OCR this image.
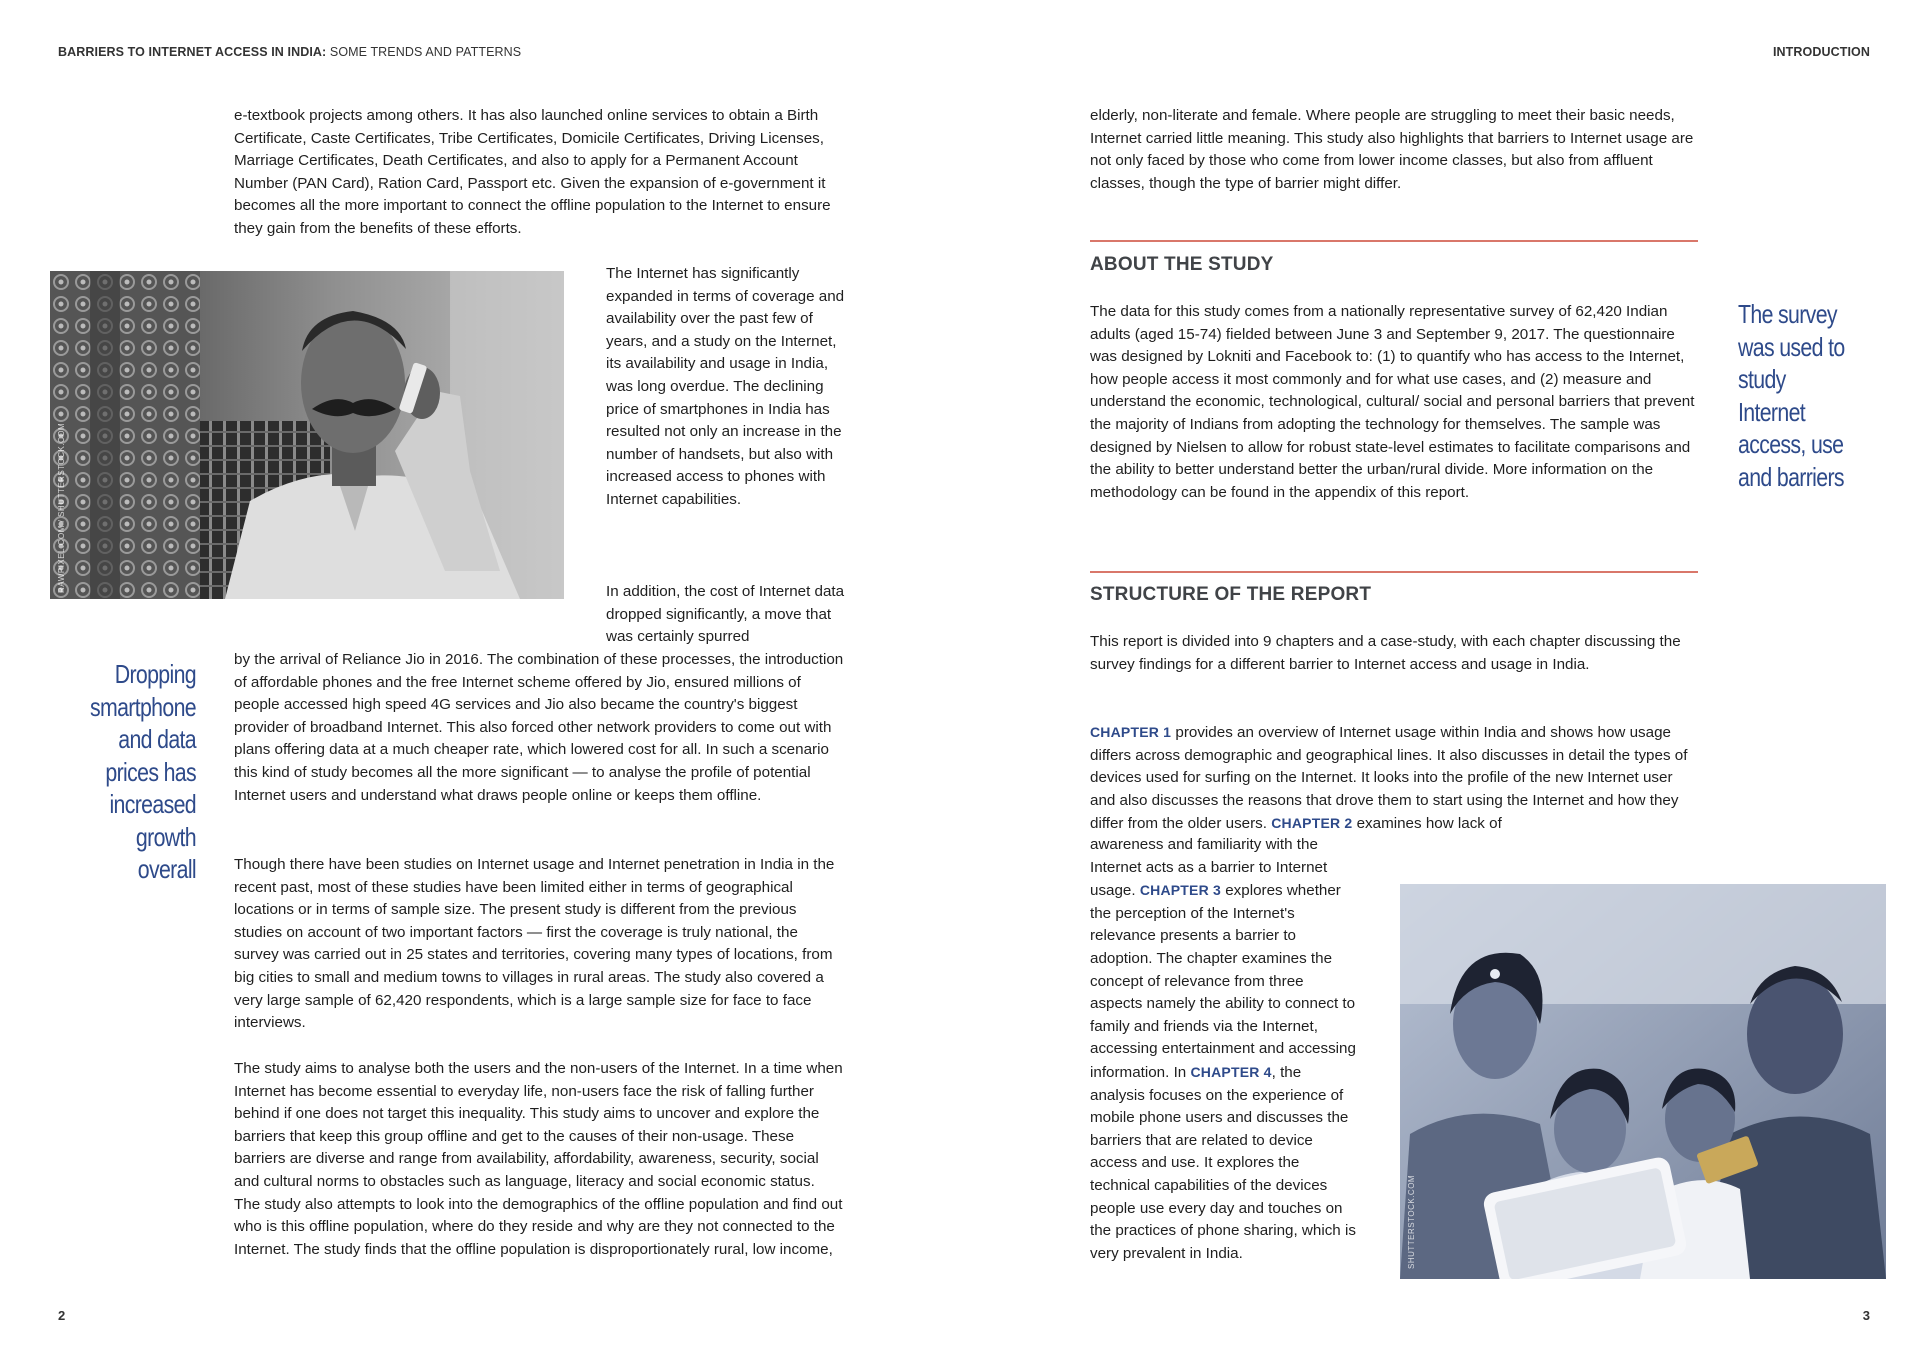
BARRIERS TO INTERNET ACCESS IN INDIA: SOME TRENDS AND PATTERNS	INTRODUCTION

e-textbook projects among others. It has also launched online services to obtain a Birth Certificate, Caste Certificates, Tribe Certificates, Domicile Certificates, Driving Licenses, Marriage Certificates, Death Certificates, and also to apply for a Permanent Account Number (PAN Card), Ration Card, Passport etc. Given the expansion of e-government it becomes all the more important to connect the offline population to the Internet to ensure they gain from the benefits of these efforts.

RAWPIXEL.COM / SHUTTERSTOCK.COM

The Internet has significantly expanded in terms of coverage and availability over the past few of years, and a study on the Internet, its availability and usage in India, was long overdue. The declining price of smartphones in India has resulted not only an increase in the number of handsets, but also with increased access to phones with Internet capabilities.

In addition, the cost of Internet data dropped significantly, a move that was certainly spurred

by the arrival of Reliance Jio in 2016. The combination of these processes, the introduction of affordable phones and the free Internet scheme offered by Jio, ensured millions of people accessed high speed 4G services and Jio also became the country's biggest provider of broadband Internet. This also forced other network providers to come out with plans offering data at a much cheaper rate, which lowered cost for all. In such a scenario this kind of study becomes all the more significant — to analyse the profile of potential Internet users and understand what draws people online or keeps them offline.

Dropping smartphone and data prices has increased growth overall	Though there have been studies on Internet usage and Internet penetration in India in the recent past, most of these studies have been limited either in terms of geographical locations or in terms of sample size. The present study is different from the previous studies on account of two important factors — first the coverage is truly national, the survey was carried out in 25 states and territories, covering many types of locations, from big cities to small and medium towns to villages in rural areas. The study also covered a very large sample of 62,420 respondents, which is a large sample size for face to face interviews.

The study aims to analyse both the users and the non-users of the Internet. In a time when Internet has become essential to everyday life, non-users face the risk of falling further behind if one does not target this inequality. This study aims to uncover and explore the barriers that keep this group offline and get to the causes of their non-usage. These barriers are diverse and range from availability, affordability, awareness, security, social and cultural norms to obstacles such as language, literacy and social economic status. The study also attempts to look into the demographics of the offline population and find out who is this offline population, where do they reside and why are they not connected to the Internet. The study finds that the offline population is disproportionately rural, low income,

2

elderly, non-literate and female. Where people are struggling to meet their basic needs, Internet carried little meaning. This study also highlights that barriers to Internet usage are not only faced by those who come from lower income classes, but also from affluent classes, though the type of barrier might differ.

ABOUT THE STUDY

The data for this study comes from a nationally representative survey of 62,420 Indian adults (aged 15-74) fielded between June 3 and September 9, 2017. The questionnaire was designed by Lokniti and Facebook to: (1) to quantify who has access to the Internet, how people access it most commonly and for what use cases, and (2) measure and understand the economic, technological, cultural/ social and personal barriers that prevent the majority of Indians from adopting the technology for themselves. The sample was designed by Nielsen to allow for robust state-level estimates to facilitate comparisons and the ability to better understand better the urban/rural divide. More information on the methodology can be found in the appendix of this report.

The survey was used to study Internet access, use and barriers
STRUCTURE OF THE REPORT

This report is divided into 9 chapters and a case-study, with each chapter discussing the survey findings for a different barrier to Internet access and usage in India.

CHAPTER 1 provides an overview of Internet usage within India and shows how usage differs across demographic and geographical lines. It also discusses in detail the types of devices used for surfing on the Internet. It looks into the profile of the new Internet user and also discusses the reasons that drove them to start using the Internet and how they differ from the older users. CHAPTER 2 examines how lack of

awareness and familiarity with the Internet acts as a barrier to Internet usage. CHAPTER 3 explores whether the perception of the Internet's relevance presents a barrier to adoption. The chapter examines the concept of relevance from three aspects namely the ability to connect to family and friends via the Internet, accessing entertainment and accessing information. In CHAPTER 4, the analysis focuses on the experience of mobile phone users and discusses the barriers that are related to device access and use. It explores the technical capabilities of the devices people use every day and touches on the practices of phone sharing, which is very prevalent in India.	SHUTTERSTOCK.COM
3
